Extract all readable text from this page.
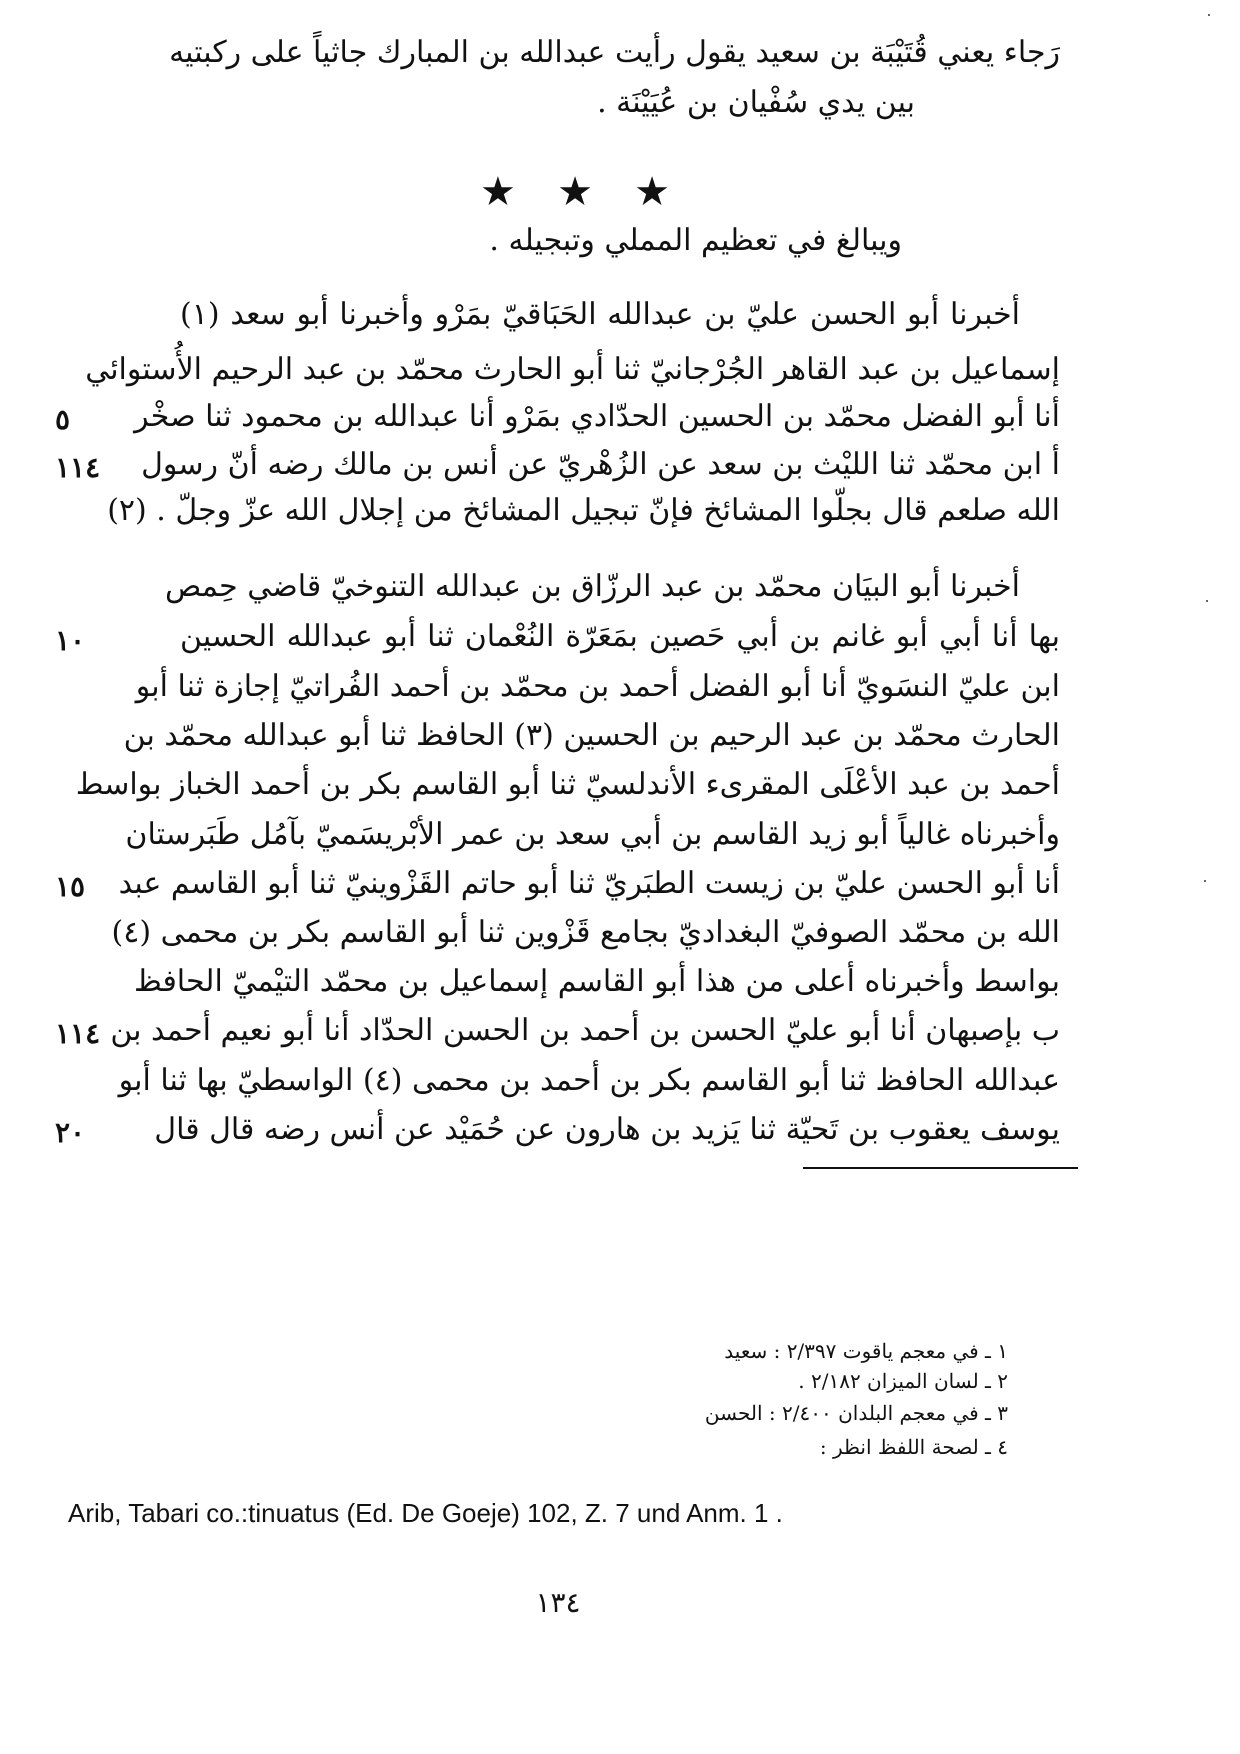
رَجاء يعني قُتَيْبَة بن سعيد يقول رأيت عبدالله بن المبارك جاثياً على ركبتيه
بين يدي سُفْيان بن عُيَيْنَة .
★ ★ ★
ويبالغ في تعظيم المملي وتبجيله .
أخبرنا أبو الحسن عليّ بن عبدالله الحَبَاقيّ بمَرْو وأخبرنا أبو سعد (١)
إسماعيل بن عبد القاهر الجُرْجانيّ ثنا أبو الحارث محمّد بن عبد الرحيم الأُستوائي
أنا أبو الفضل محمّد بن الحسين الحدّادي بمَرْو أنا عبدالله بن محمود ثنا صخْر
أ ابن محمّد ثنا الليْث بن سعد عن الزُهْريّ عن أنس بن مالك رضه أنّ رسول
الله صلعم قال بجلّوا المشائخ فإنّ تبجيل المشائخ من إجلال الله عزّ وجلّ . (٢)
أخبرنا أبو البيَان محمّد بن عبد الرزّاق بن عبدالله التنوخيّ قاضي حِمص
بها أنا أبي أبو غانم بن أبي حَصين بمَعَرّة النُعْمان ثنا أبو عبدالله الحسين
ابن عليّ النسَويّ أنا أبو الفضل أحمد بن محمّد بن أحمد الفُراتيّ إجازة ثنا أبو
الحارث محمّد بن عبد الرحيم بن الحسين (٣) الحافظ ثنا أبو عبدالله محمّد بن
أحمد بن عبد الأعْلَى المقرىء الأندلسيّ ثنا أبو القاسم بكر بن أحمد الخباز بواسط
وأخبرناه غالياً أبو زيد القاسم بن أبي سعد بن عمر الأبْريسَميّ بآمُل طَبَرستان
أنا أبو الحسن عليّ بن زيست الطبَريّ ثنا أبو حاتم القَزْوينيّ ثنا أبو القاسم عبد
الله بن محمّد الصوفيّ البغداديّ بجامع قَزْوين ثنا أبو القاسم بكر بن محمى (٤)
بواسط وأخبرناه أعلى من هذا أبو القاسم إسماعيل بن محمّد التيْميّ الحافظ
ب بإصبهان أنا أبو عليّ الحسن بن أحمد بن الحسن الحدّاد أنا أبو نعيم أحمد بن
عبدالله الحافظ ثنا أبو القاسم بكر بن أحمد بن محمى (٤) الواسطيّ بها ثنا أبو
يوسف يعقوب بن تَحيّة ثنا يَزيد بن هارون عن حُمَيْد عن أنس رضه قال قال
٥
١١٤
١٠
١٥
١١٤
٢٠
١ ـ في معجم ياقوت ٢/٣٩٧ : سعيد
٢ ـ لسان الميزان ٢/١٨٢ .
٣ ـ في معجم البلدان ٢/٤٠٠ : الحسن
٤ ـ لصحة اللفظ انظر :
Arib, Tabari co.:tinuatus (Ed. De Goeje) 102, Z. 7 und Anm. 1 .
١٣٤
